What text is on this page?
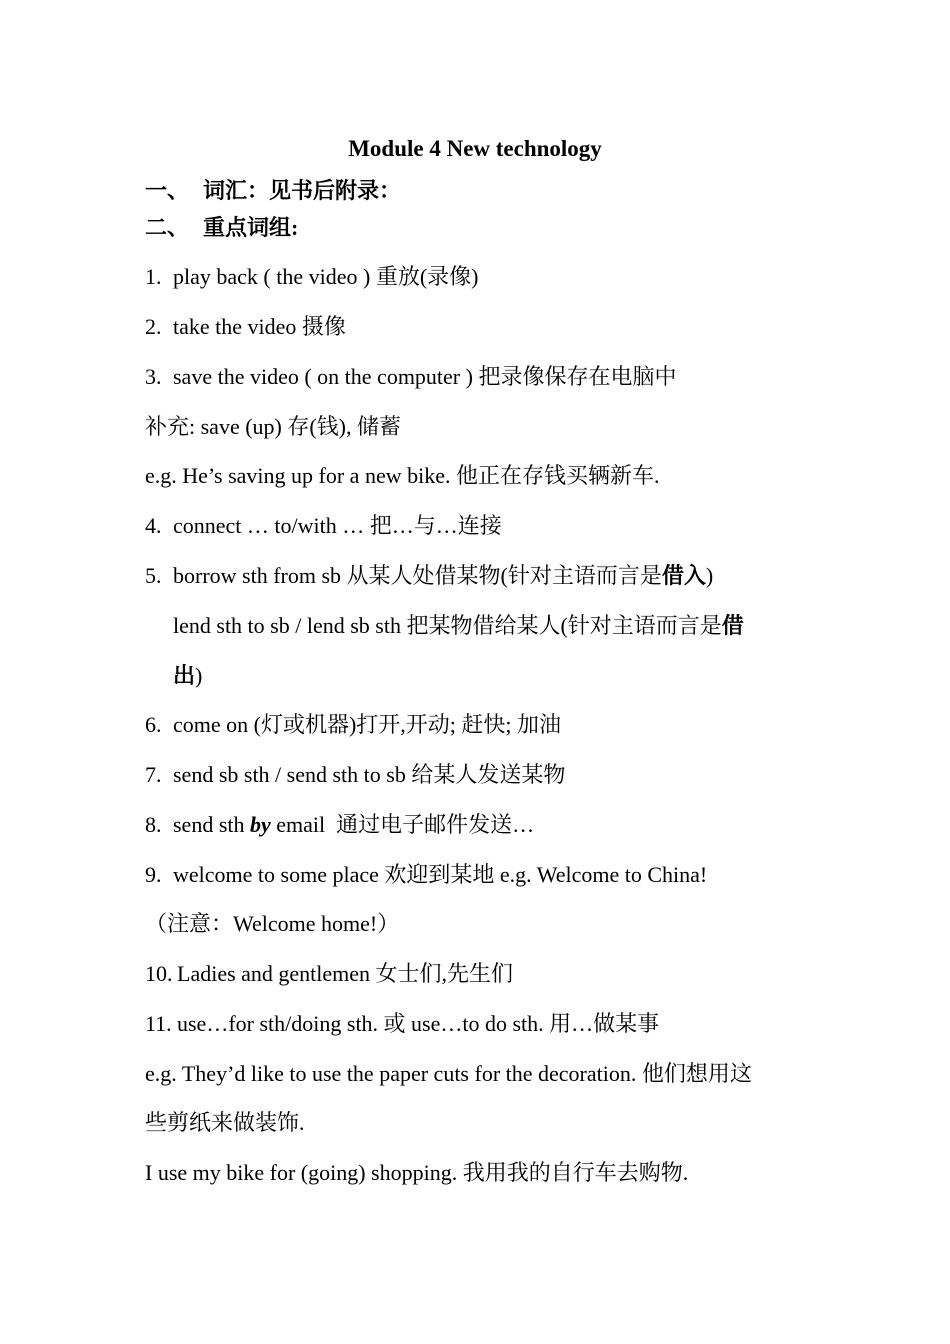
Module 4 New technology
一、 词汇：见书后附录：
二、 重点词组:
1. play back ( the video ) 重放(录像)
2. take the video 摄像
3. save the video ( on the computer ) 把录像保存在电脑中
补充: save (up) 存(钱), 储蓄
e.g. He’s saving up for a new bike. 他正在存钱买辆新车.
4. connect … to/with … 把…与…连接
5. borrow sth from sb 从某人处借某物(针对主语而言是借入)
lend sth to sb / lend sb sth 把某物借给某人(针对主语而言是借
出)
6. come on (灯或机器)打开,开动; 赶快; 加油
7. send sb sth / send sth to sb 给某人发送某物
8. send sth by email  通过电子邮件发送…
9. welcome to some place 欢迎到某地 e.g. Welcome to China!
（注意：Welcome home!）
10. Ladies and gentlemen 女士们,先生们
11. use…for sth/doing sth. 或 use…to do sth. 用…做某事
e.g. They’d like to use the paper cuts for the decoration. 他们想用这
些剪纸来做装饰.
I use my bike for (going) shopping. 我用我的自行车去购物.
